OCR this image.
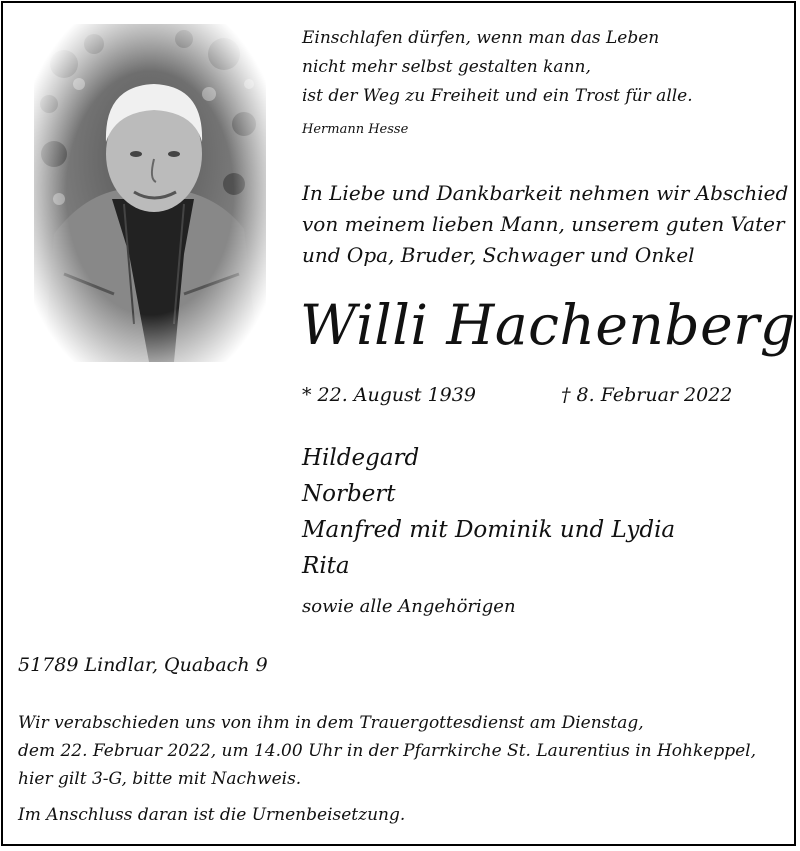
Einschlafen dürfen, wenn man das Leben
nicht mehr selbst gestalten kann,
ist der Weg zu Freiheit und ein Trost für alle.
Hermann Hesse
In Liebe und Dankbarkeit nehmen wir Abschied
von meinem lieben Mann, unserem guten Vater
und Opa, Bruder, Schwager und Onkel
Willi Hachenberg
* 22. August 1939	† 8. Februar 2022
Hildegard
Norbert
Manfred mit Dominik und Lydia
Rita
sowie alle Angehörigen
51789 Lindlar, Quabach 9
Wir verabschieden uns von ihm in dem Trauergottesdienst am Dienstag,
dem 22. Februar 2022, um 14.00 Uhr in der Pfarrkirche St. Laurentius in Hohkeppel,
hier gilt 3-G, bitte mit Nachweis.
Im Anschluss daran ist die Urnenbeisetzung.
